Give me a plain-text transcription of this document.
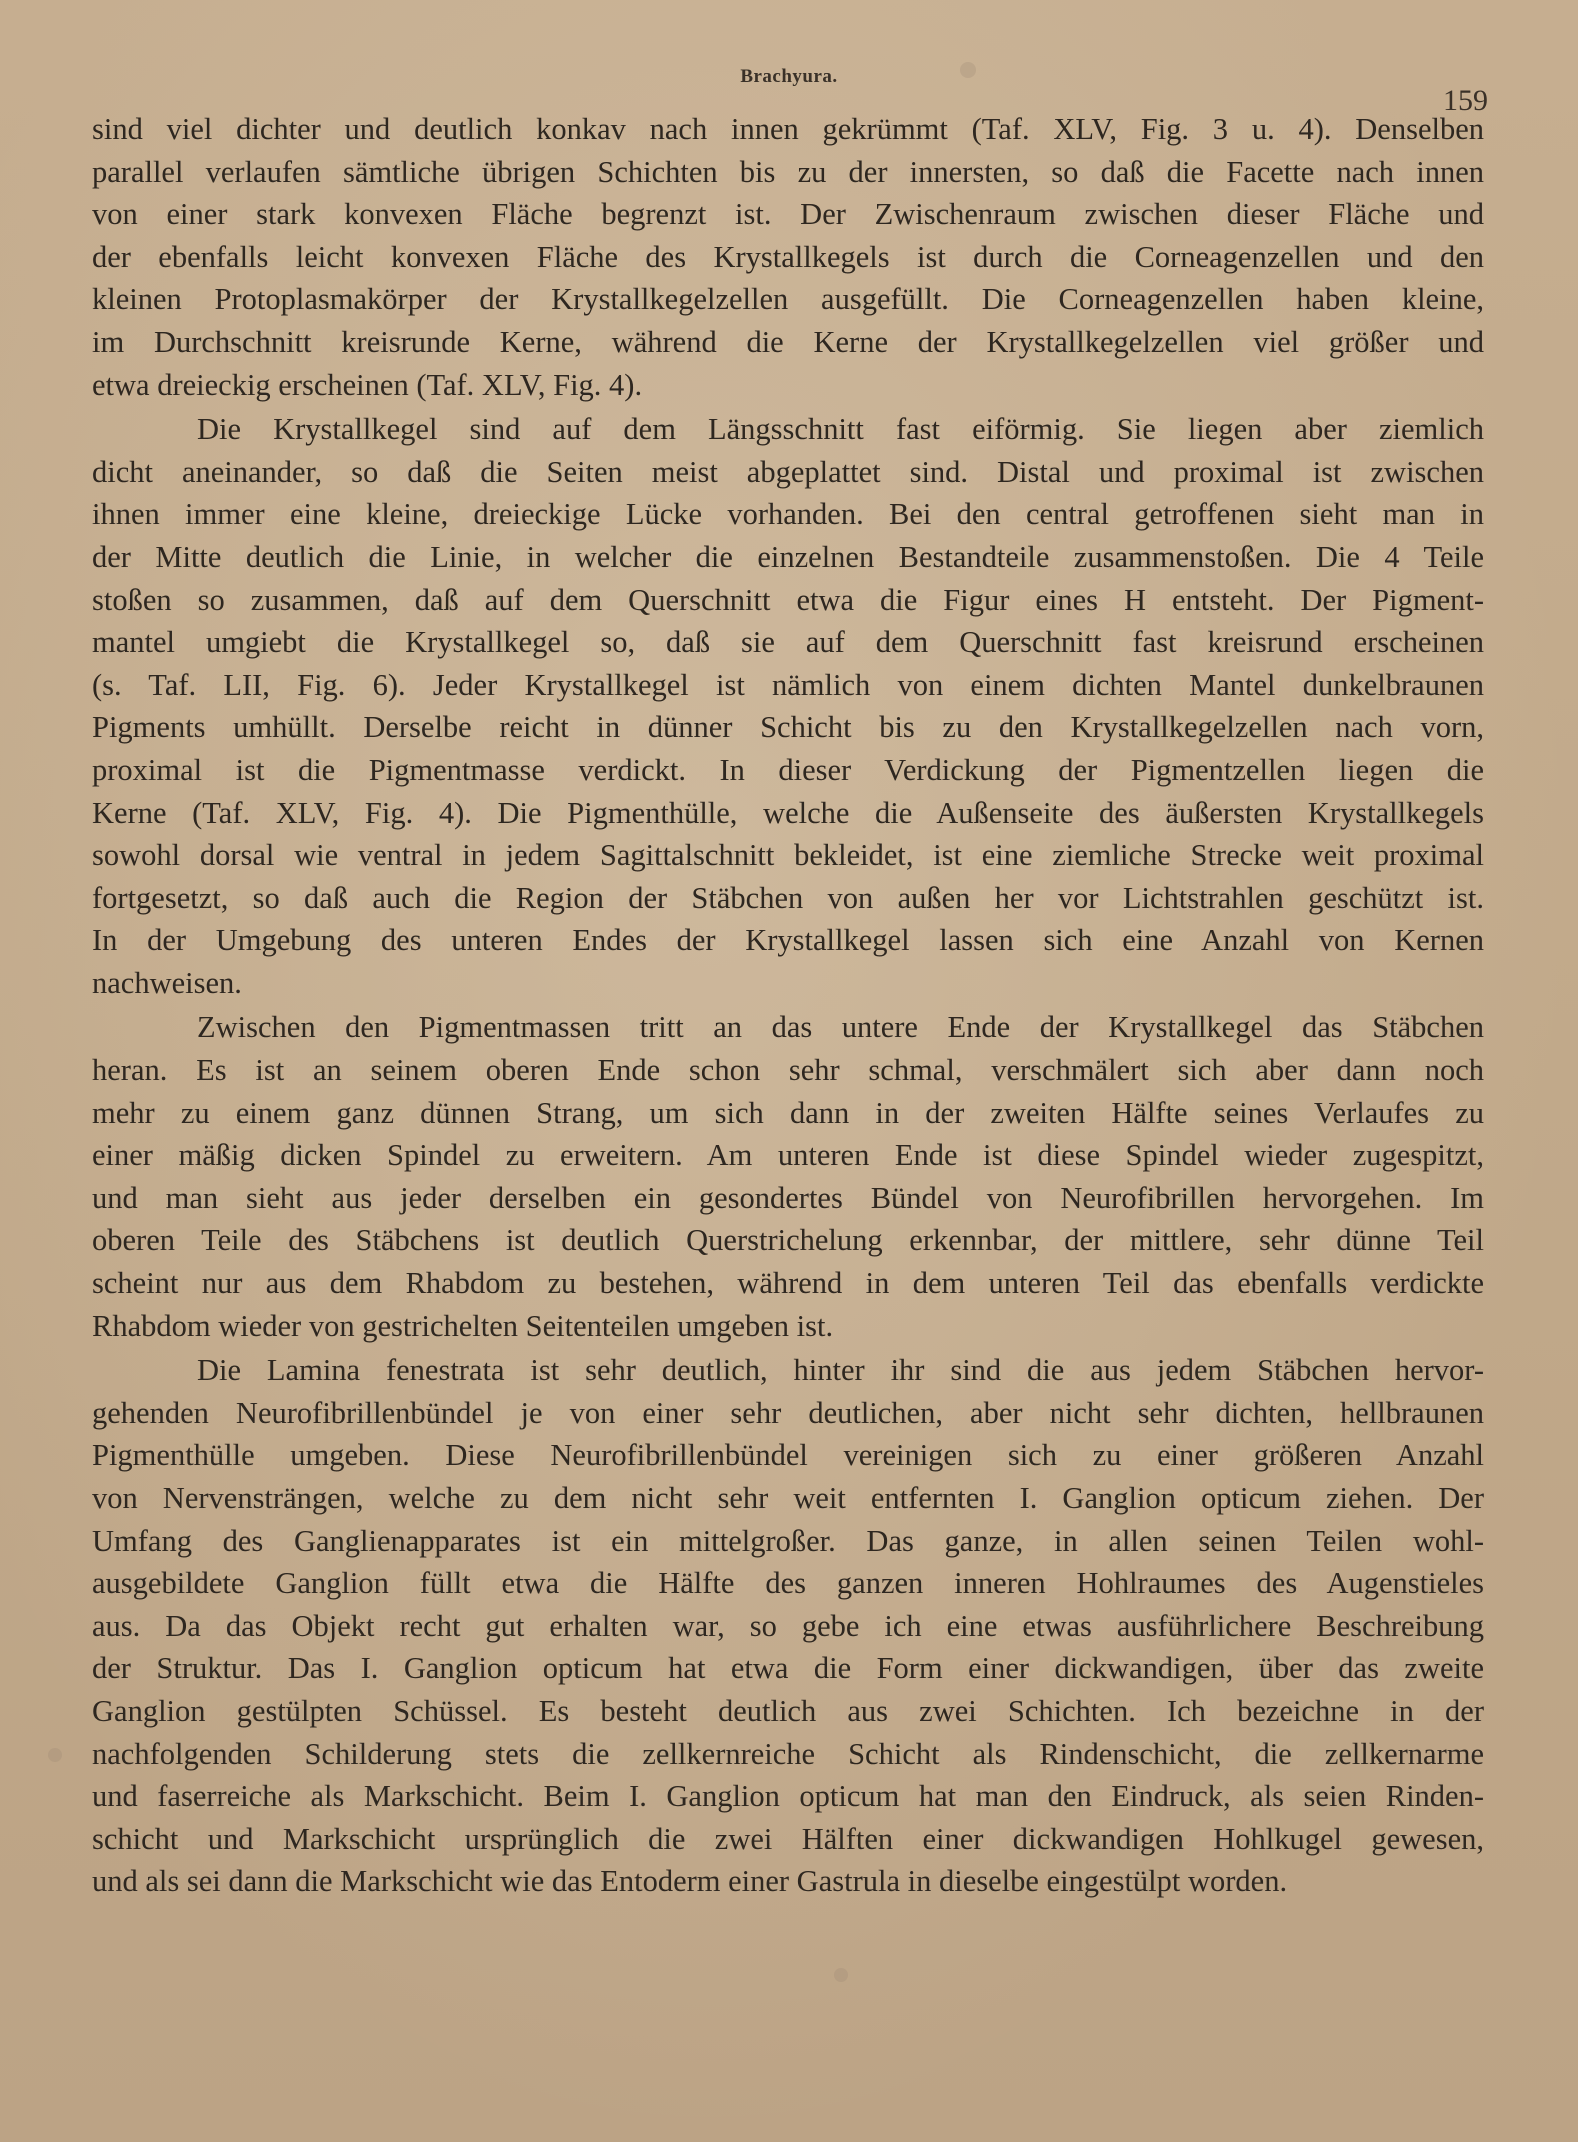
Brachyura.
159
sind viel dichter und deutlich konkav nach innen gekrümmt (Taf. XLV, Fig. 3 u. 4). Denselben
parallel verlaufen sämtliche übrigen Schichten bis zu der innersten, so daß die Facette nach innen
von einer stark konvexen Fläche begrenzt ist. Der Zwischenraum zwischen dieser Fläche und
der ebenfalls leicht konvexen Fläche des Krystallkegels ist durch die Corneagenzellen und den
kleinen Protoplasmakörper der Krystallkegelzellen ausgefüllt. Die Corneagenzellen haben kleine,
im Durchschnitt kreisrunde Kerne, während die Kerne der Krystallkegelzellen viel größer und
etwa dreieckig erscheinen (Taf. XLV, Fig. 4).
Die Krystallkegel sind auf dem Längsschnitt fast eiförmig. Sie liegen aber ziemlich
dicht aneinander, so daß die Seiten meist abgeplattet sind. Distal und proximal ist zwischen
ihnen immer eine kleine, dreieckige Lücke vorhanden. Bei den central getroffenen sieht man in
der Mitte deutlich die Linie, in welcher die einzelnen Bestandteile zusammenstoßen. Die 4 Teile
stoßen so zusammen, daß auf dem Querschnitt etwa die Figur eines H entsteht. Der Pigment-
mantel umgiebt die Krystallkegel so, daß sie auf dem Querschnitt fast kreisrund erscheinen
(s. Taf. LII, Fig. 6). Jeder Krystallkegel ist nämlich von einem dichten Mantel dunkelbraunen
Pigments umhüllt. Derselbe reicht in dünner Schicht bis zu den Krystallkegelzellen nach vorn,
proximal ist die Pigmentmasse verdickt. In dieser Verdickung der Pigmentzellen liegen die
Kerne (Taf. XLV, Fig. 4). Die Pigmenthülle, welche die Außenseite des äußersten Krystallkegels
sowohl dorsal wie ventral in jedem Sagittalschnitt bekleidet, ist eine ziemliche Strecke weit proximal
fortgesetzt, so daß auch die Region der Stäbchen von außen her vor Lichtstrahlen geschützt ist.
In der Umgebung des unteren Endes der Krystallkegel lassen sich eine Anzahl von Kernen
nachweisen.
Zwischen den Pigmentmassen tritt an das untere Ende der Krystallkegel das Stäbchen
heran. Es ist an seinem oberen Ende schon sehr schmal, verschmälert sich aber dann noch
mehr zu einem ganz dünnen Strang, um sich dann in der zweiten Hälfte seines Verlaufes zu
einer mäßig dicken Spindel zu erweitern. Am unteren Ende ist diese Spindel wieder zugespitzt,
und man sieht aus jeder derselben ein gesondertes Bündel von Neurofibrillen hervorgehen. Im
oberen Teile des Stäbchens ist deutlich Querstrichelung erkennbar, der mittlere, sehr dünne Teil
scheint nur aus dem Rhabdom zu bestehen, während in dem unteren Teil das ebenfalls verdickte
Rhabdom wieder von gestrichelten Seitenteilen umgeben ist.
Die Lamina fenestrata ist sehr deutlich, hinter ihr sind die aus jedem Stäbchen hervor-
gehenden Neurofibrillenbündel je von einer sehr deutlichen, aber nicht sehr dichten, hellbraunen
Pigmenthülle umgeben. Diese Neurofibrillenbündel vereinigen sich zu einer größeren Anzahl
von Nervensträngen, welche zu dem nicht sehr weit entfernten I. Ganglion opticum ziehen. Der
Umfang des Ganglienapparates ist ein mittelgroßer. Das ganze, in allen seinen Teilen wohl-
ausgebildete Ganglion füllt etwa die Hälfte des ganzen inneren Hohlraumes des Augenstieles
aus. Da das Objekt recht gut erhalten war, so gebe ich eine etwas ausführlichere Beschreibung
der Struktur. Das I. Ganglion opticum hat etwa die Form einer dickwandigen, über das zweite
Ganglion gestülpten Schüssel. Es besteht deutlich aus zwei Schichten. Ich bezeichne in der
nachfolgenden Schilderung stets die zellkernreiche Schicht als Rindenschicht, die zellkernarme
und faserreiche als Markschicht. Beim I. Ganglion opticum hat man den Eindruck, als seien Rinden-
schicht und Markschicht ursprünglich die zwei Hälften einer dickwandigen Hohlkugel gewesen,
und als sei dann die Markschicht wie das Entoderm einer Gastrula in dieselbe eingestülpt worden.
